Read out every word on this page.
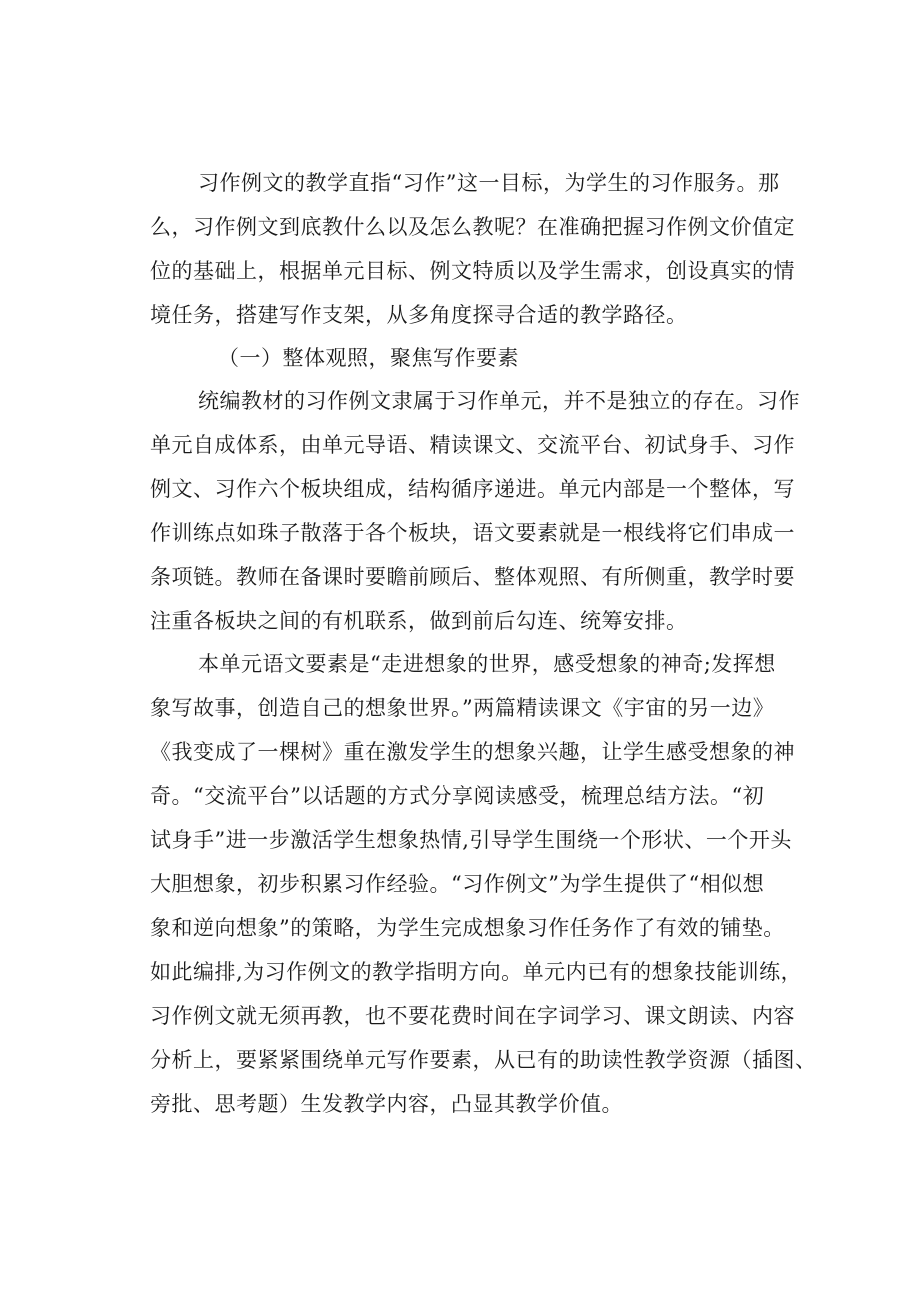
习作例文的教学直指“习作”这一目标，为学生的习作服务。那
么，习作例文到底教什么以及怎么教呢？在准确把握习作例文价值定
位的基础上，根据单元目标、例文特质以及学生需求，创设真实的情
境任务，搭建写作支架，从多角度探寻合适的教学路径。
（一）整体观照，聚焦写作要素
统编教材的习作例文隶属于习作单元，并不是独立的存在。习作
单元自成体系，由单元导语、精读课文、交流平台、初试身手、习作
例文、习作六个板块组成，结构循序递进。单元内部是一个整体，写
作训练点如珠子散落于各个板块，语文要素就是一根线将它们串成一
条项链。教师在备课时要瞻前顾后、整体观照、有所侧重，教学时要
注重各板块之间的有机联系，做到前后勾连、统筹安排。
本单元语文要素是“走进想象的世界，感受想象的神奇;发挥想
象写故事，创造自己的想象世界。”两篇精读课文《宇宙的另一边》
《我变成了一棵树》重在激发学生的想象兴趣，让学生感受想象的神
奇。“交流平台”以话题的方式分享阅读感受，梳理总结方法。“初
试身手”进一步激活学生想象热情,引导学生围绕一个形状、一个开头
大胆想象，初步积累习作经验。“习作例文”为学生提供了“相似想
象和逆向想象”的策略，为学生完成想象习作任务作了有效的铺垫。
如此编排,为习作例文的教学指明方向。单元内已有的想象技能训练，
习作例文就无须再教，也不要花费时间在字词学习、课文朗读、内容
分析上，要紧紧围绕单元写作要素，从已有的助读性教学资源（插图、
旁批、思考题）生发教学内容，凸显其教学价值。
